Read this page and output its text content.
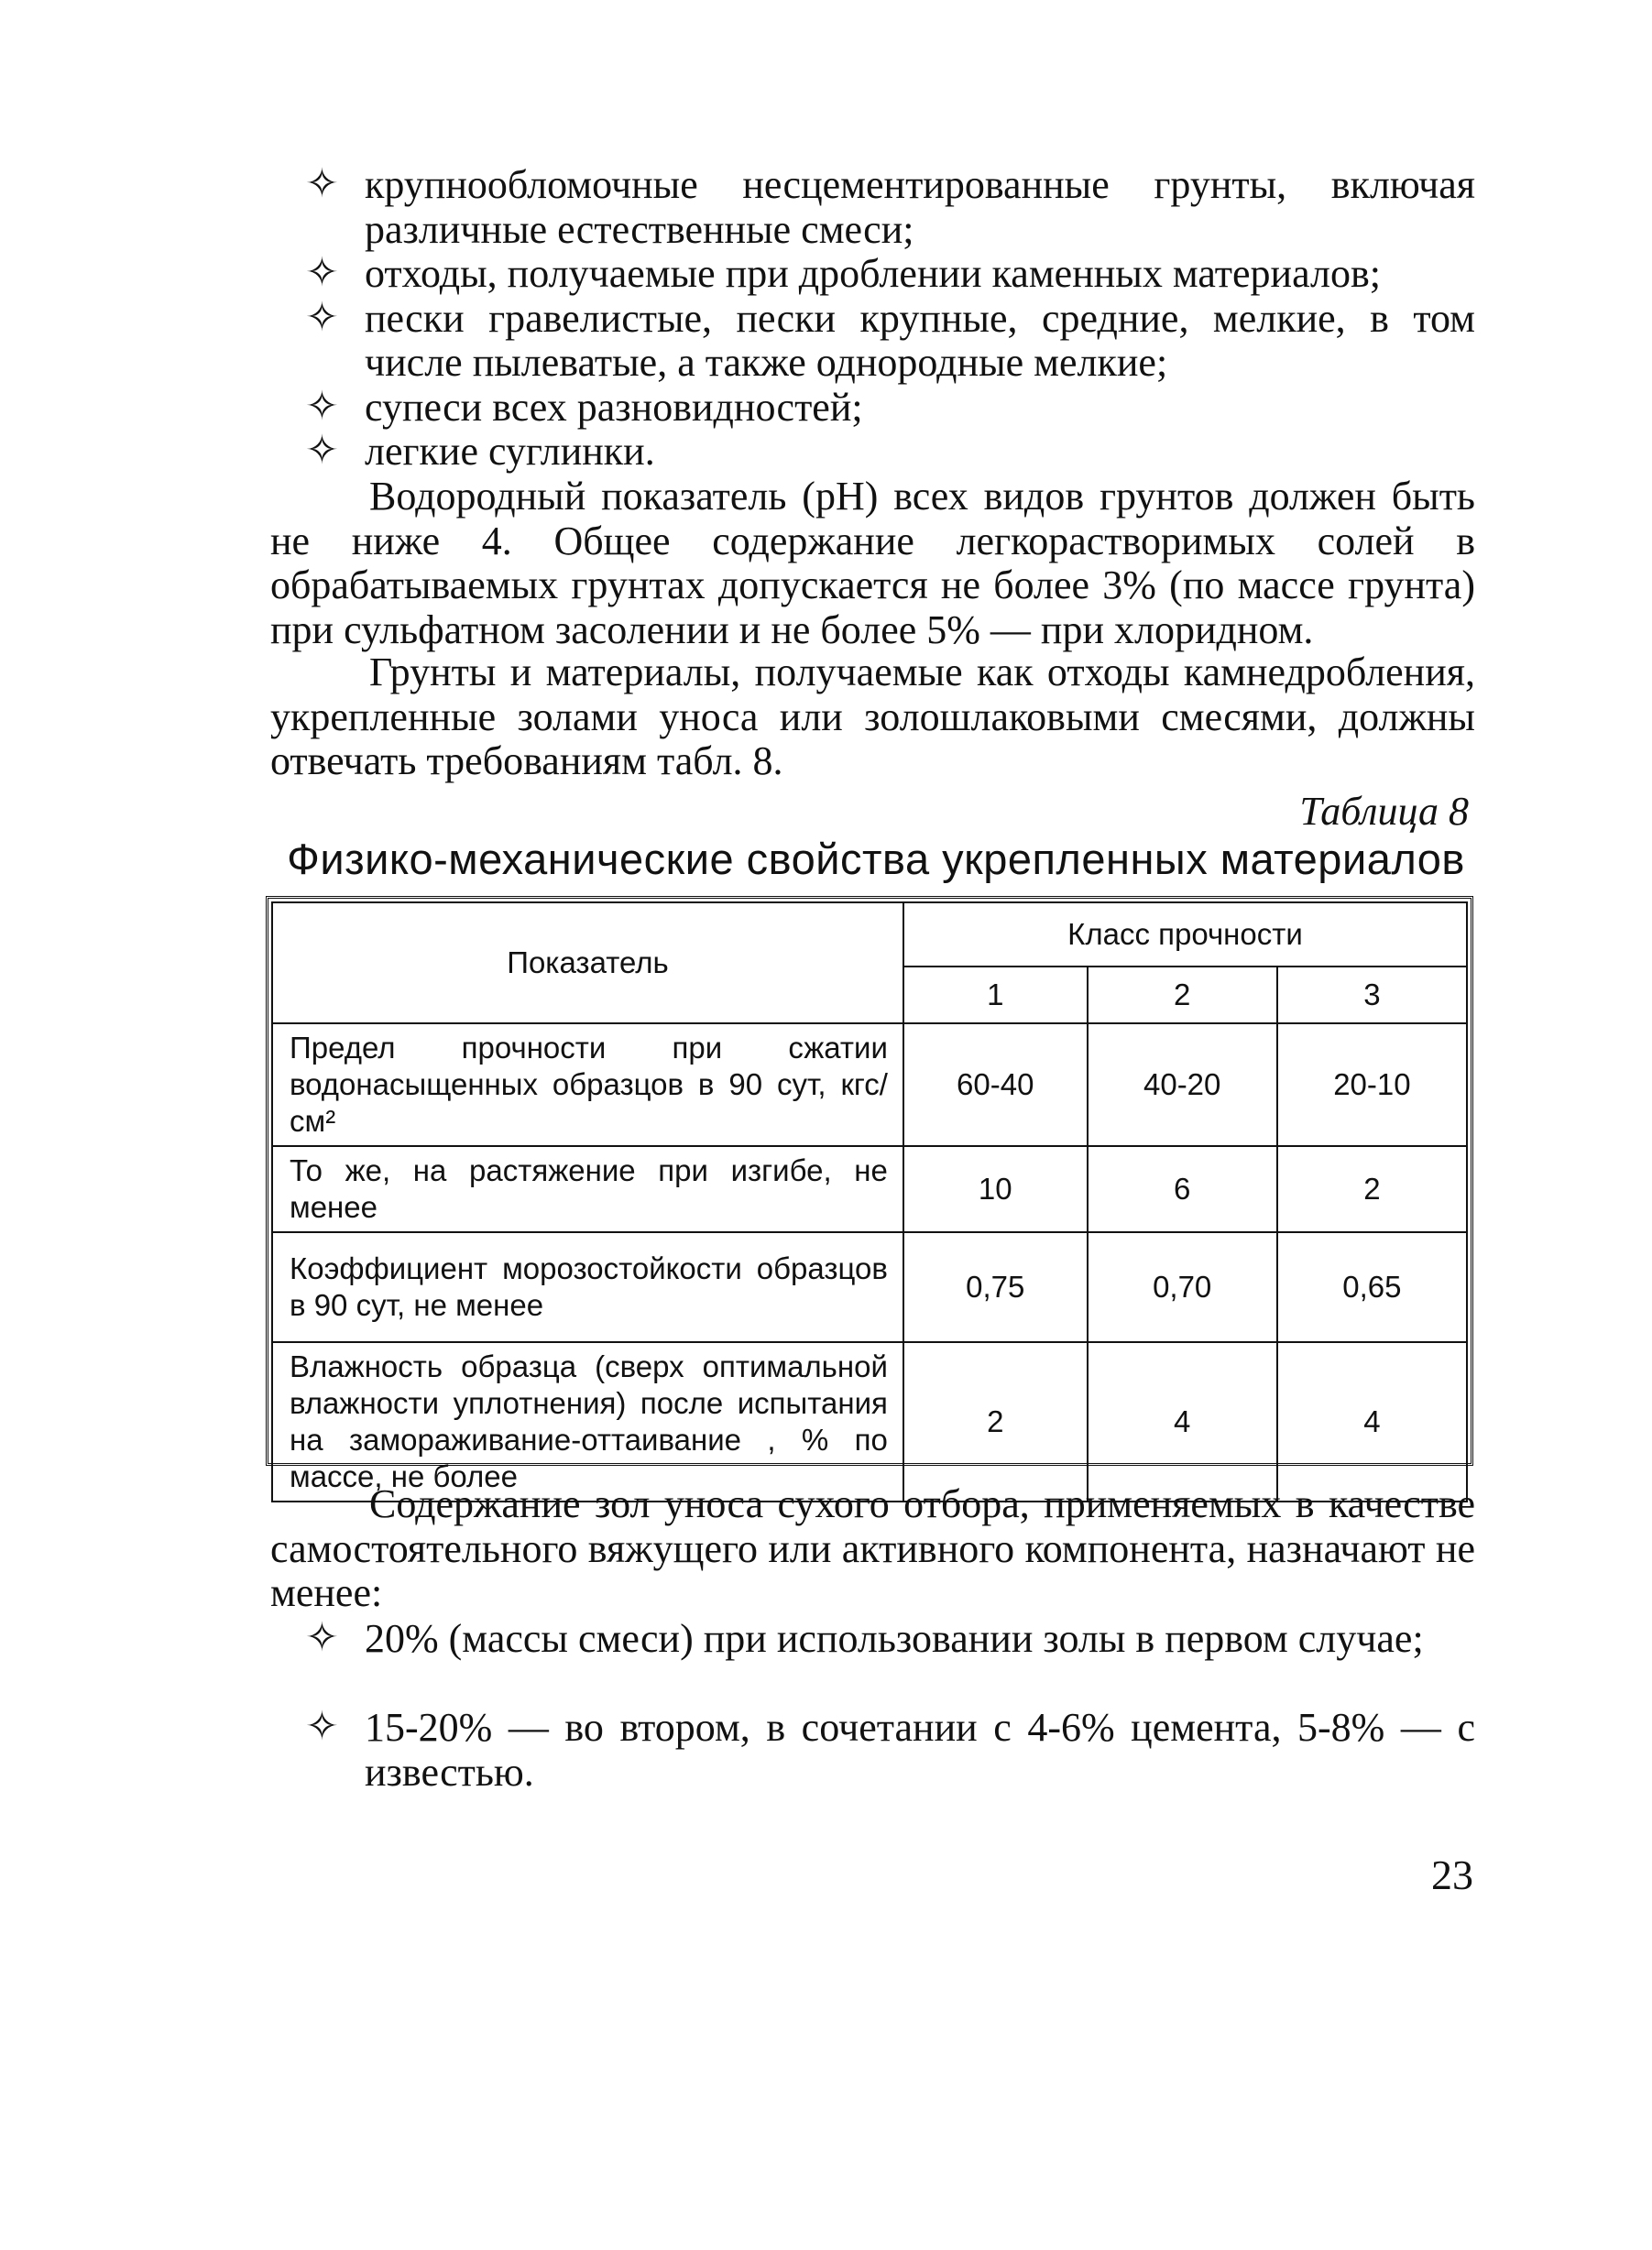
✧ крупнообломочные несцементированные грунты, включая различные естественные смеси;
✧ отходы, получаемые при дроблении каменных материалов;
✧ пески гравелистые, пески крупные, средние, мелкие, в том числе пылеватые, а также однородные мелкие;
✧ супеси всех разновидностей;
✧ легкие суглинки.

Водородный показатель (pH) всех видов грунтов должен быть не ниже 4. Общее содержание легкорастворимых солей в обрабатываемых грунтах допускается не более 3% (по массе грунта) при сульфатном засолении и не более 5% — при хлоридном.

Грунты и материалы, получаемые как отходы камнедробления, укрепленные золами уноса или золошлаковыми смесями, должны отвечать требованиям табл. 8.

Таблица 8
Физико-механические свойства укрепленных материалов
Показатель	Класс прочности		
	1	2	3
Предел прочности при сжатии водонасыщенных образцов в 90 сут, кгс/см²	60-40	40-20	20-10
То же, на растяжение при изгибе, не менее	10	6	2
Коэффициент морозостойкости образцов в 90 сут, не менее	0,75	0,70	0,65
Влажность образца (сверх оптимальной влажности уплотнения) после испытания на замораживание-оттаивание , % по массе, не более	2	4	4

Содержание зол уноса сухого отбора, применяемых в качестве самостоятельного вяжущего или активного компонента, назначают не менее:

✧ 20% (массы смеси) при использовании золы в первом случае;
✧ 15-20% — во втором, в сочетании с 4-6% цемента, 5-8% — с известью.
23
